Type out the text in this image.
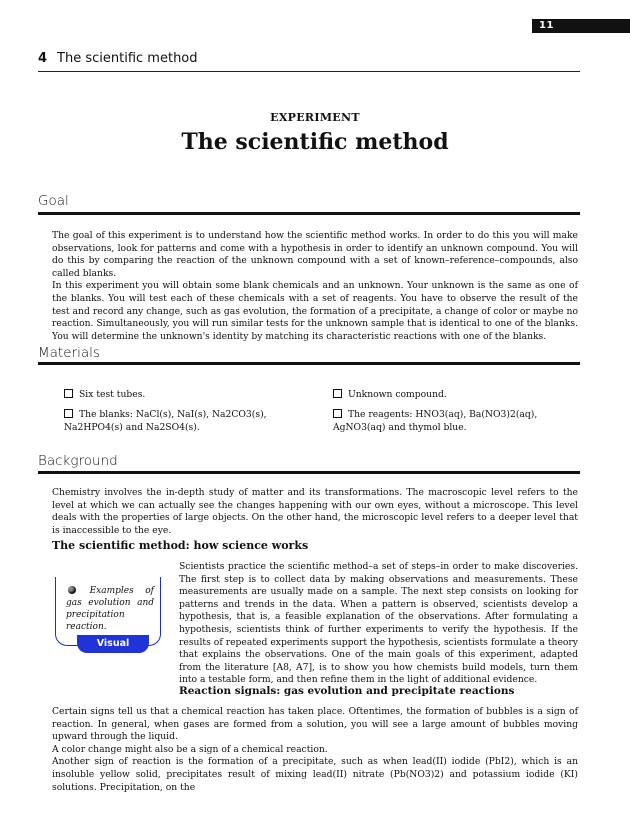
11
4 The scientific method
EXPERIMENT
The scientific method
Goal

The goal of this experiment is to understand how the scientific method works. In order to do this you will make observations, look for patterns and come with a hypothesis in order to identify an unknown compound. You will do this by comparing the reaction of the unknown compound with a set of known–reference–compounds, also called blanks.

In this experiment you will obtain some blank chemicals and an unknown. Your unknown is the same as one of the blanks. You will test each of these chemicals with a set of reagents. You have to observe the result of the test and record any change, such as gas evolution, the formation of a precipitate, a change of color or maybe no reaction. Simultaneously, you will run similar tests for the unknown sample that is identical to one of the blanks. You will determine the unknown's identity by matching its characteristic reactions with one of the blanks.

Materials
Six test tubes.	Unknown compound.
The blanks: NaCl(s), NaI(s), Na2CO3(s), Na2HPO4(s) and Na2SO4(s).
The reagents: HNO3(aq), Ba(NO3)2(aq), AgNO3(aq) and thymol blue.
Background
Chemistry involves the in-depth study of matter and its transformations. The macroscopic level refers to the level at which we can actually see the changes happening with our own eyes, without a microscope. This level deals with the properties of large objects. On the other hand, the microscopic level refers to a deeper level that is inaccessible to the eye.
The scientific method: how science works
Examples of gas evolution and precipitation reaction.
Visual
Scientists practice the scientific method–a set of steps–in order to make discoveries. The first step is to collect data by making observations and measurements. These measurements are usually made on a sample. The next step consists on looking for patterns and trends in the data. When a pattern is observed, scientists develop a hypothesis, that is, a feasible explanation of the observations. After formulating a hypothesis, scientists think of further experiments to verify the hypothesis. If the results of repeated experiments support the hypothesis, scientists formulate a theory that explains the observations. One of the main goals of this experiment, adapted from the literature [A8, A7], is to show you how chemists build models, turn them into a testable form, and then refine them in the light of additional evidence.
Reaction signals: gas evolution and precipitate reactions

Certain signs tell us that a chemical reaction has taken place. Oftentimes, the formation of bubbles is a sign of reaction. In general, when gases are formed from a solution, you will see a large amount of bubbles moving upward through the liquid.

A color change might also be a sign of a chemical reaction.

Another sign of reaction is the formation of a precipitate, such as when lead(II) iodide (PbI2), which is an insoluble yellow solid, precipitates result of mixing lead(II) nitrate (Pb(NO3)2) and potassium iodide (KI) solutions. Precipitation, on the
